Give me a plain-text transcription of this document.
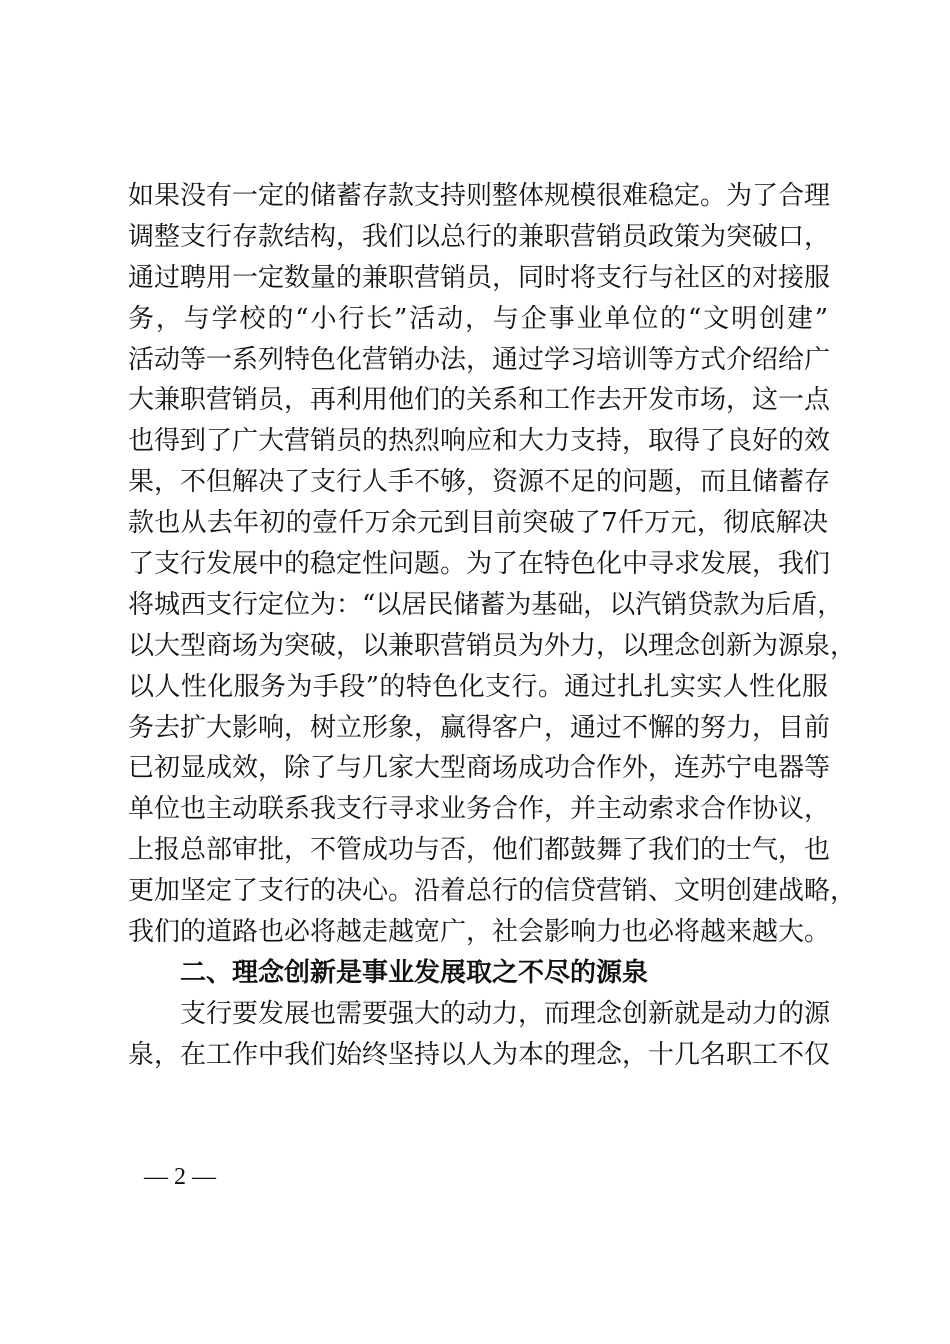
如果没有一定的储蓄存款支持则整体规模很难稳定。为了合理
调整支行存款结构，我们以总行的兼职营销员政策为突破口，
通过聘用一定数量的兼职营销员，同时将支行与社区的对接服
务，与学校的“小行长”活动，与企事业单位的“文明创建”
活动等一系列特色化营销办法，通过学习培训等方式介绍给广
大兼职营销员，再利用他们的关系和工作去开发市场，这一点
也得到了广大营销员的热烈响应和大力支持，取得了良好的效
果，不但解决了支行人手不够，资源不足的问题，而且储蓄存
款也从去年初的壹仟万余元到目前突破了7仟万元，彻底解决
了支行发展中的稳定性问题。为了在特色化中寻求发展，我们
将城西支行定位为：“以居民储蓄为基础，以汽销贷款为后盾，
以大型商场为突破，以兼职营销员为外力，以理念创新为源泉，
以人性化服务为手段”的特色化支行。通过扎扎实实人性化服
务去扩大影响，树立形象，赢得客户，通过不懈的努力，目前
已初显成效，除了与几家大型商场成功合作外，连苏宁电器等
单位也主动联系我支行寻求业务合作，并主动索求合作协议，
上报总部审批，不管成功与否，他们都鼓舞了我们的士气，也
更加坚定了支行的决心。沿着总行的信贷营销、文明创建战略，
我们的道路也必将越走越宽广，社会影响力也必将越来越大。
二、理念创新是事业发展取之不尽的源泉
支行要发展也需要强大的动力，而理念创新就是动力的源
泉，在工作中我们始终坚持以人为本的理念，十几名职工不仅
— 2 —
